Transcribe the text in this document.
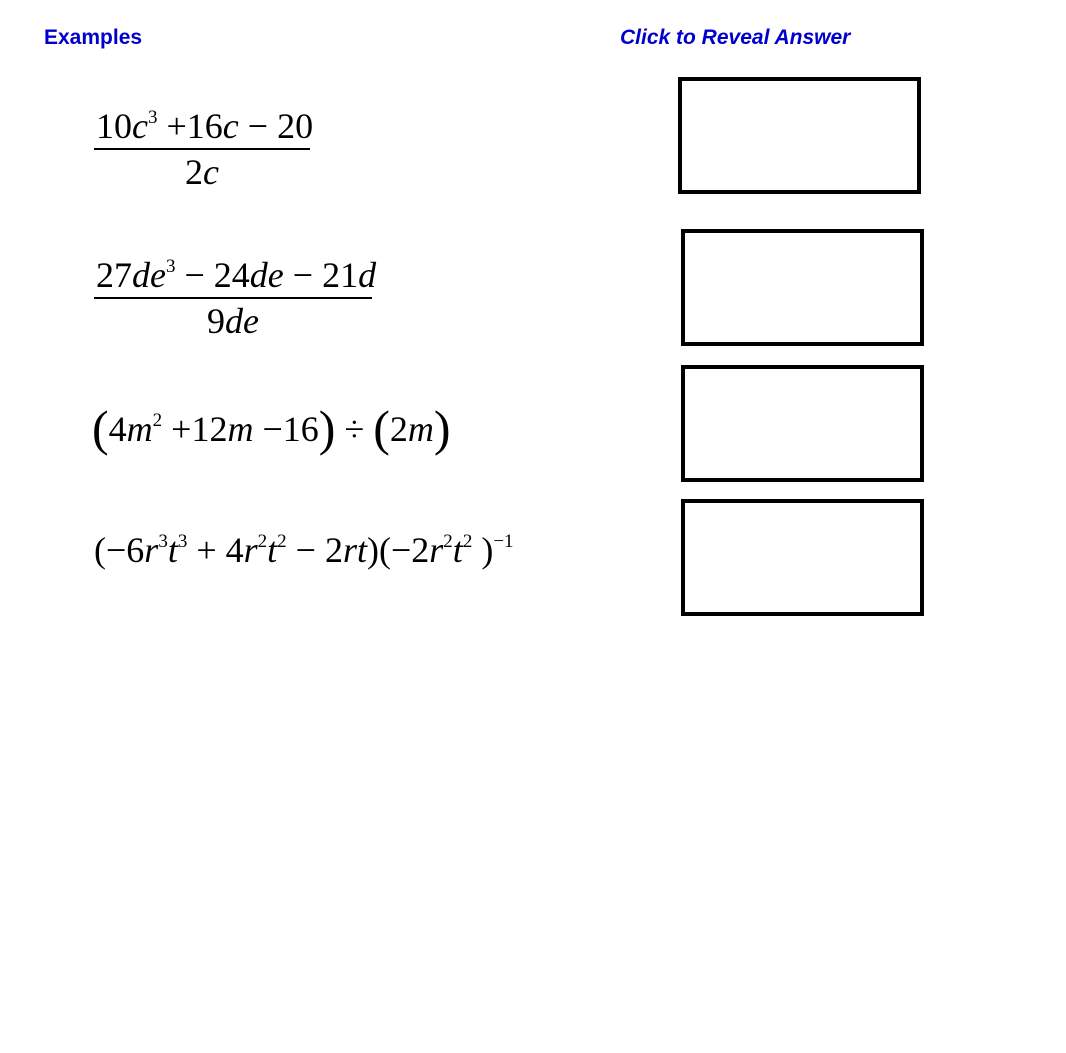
Examples	Click to Reveal Answer
$10c^3 +16c - 20$
2c
$27de^3 - 24de - 21d$
9de
$(4m^2 +12m -16) \div (2m)$
$(-6r^3t^3 + 4r^2t^2 - 2rt)(-2r^2t^2$ )$^{-1}$
